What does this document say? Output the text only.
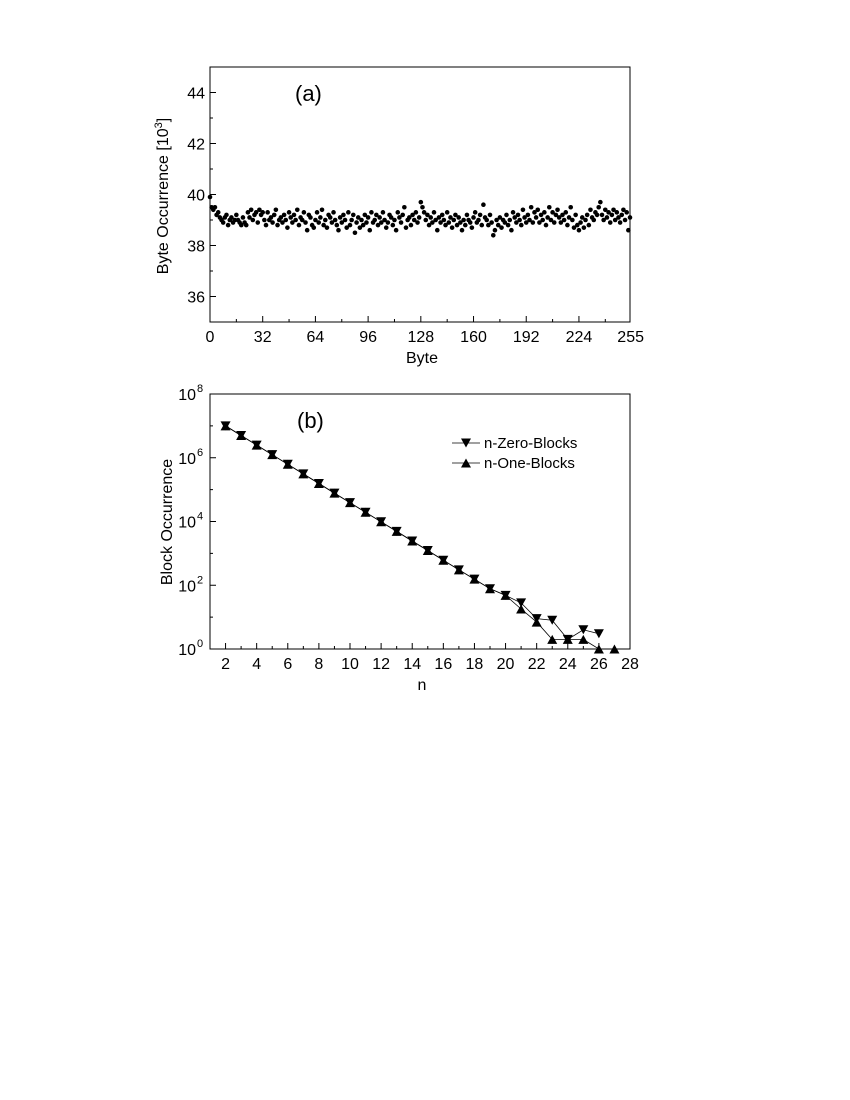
(a)
0 32 64 96 128 160 192 224 255
36
38
40
42
44
Byte
Byte Occurrence $[10^3]$
(b)
2 4 6 8 10 12 14 16 18 20 22 24 26 28
10 0
10 2
10 4
10 6
10 8
n-Zero-Blocks
n-One-Blocks
n
Block Occurrence
